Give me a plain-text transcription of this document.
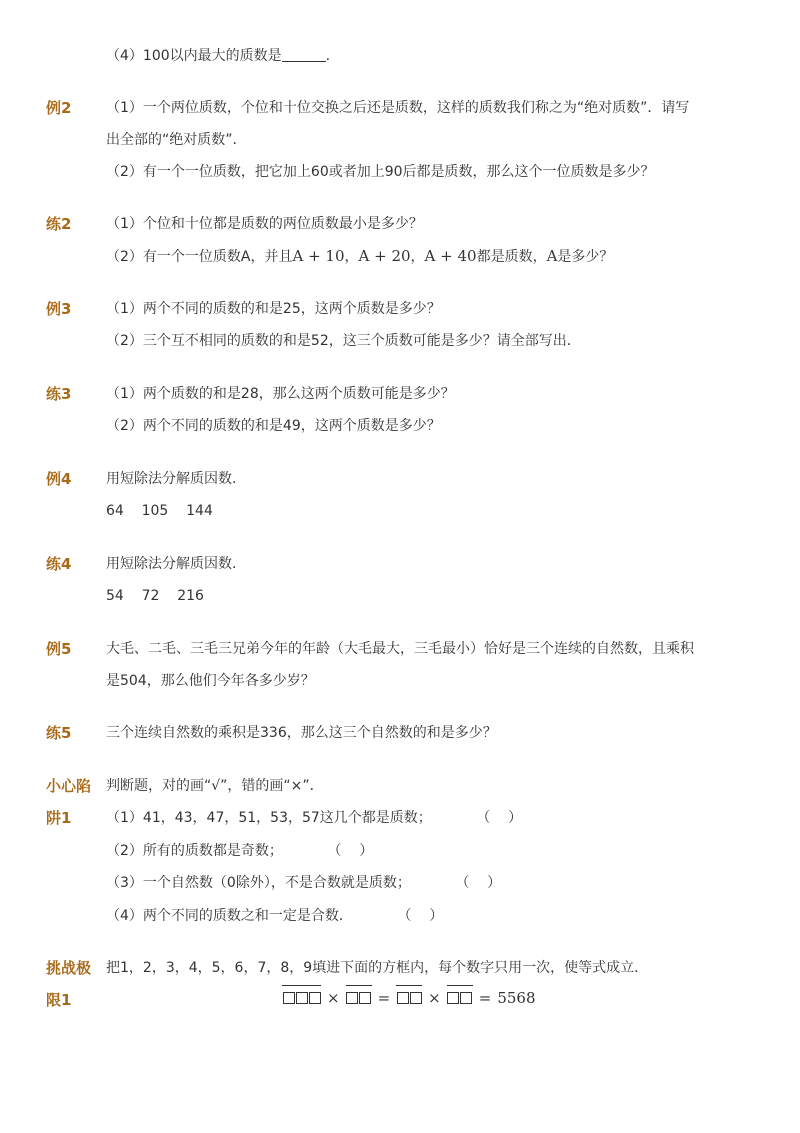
（4）100以内最大的质数是	.
例2 （1）一个两位质数，个位和十位交换之后还是质数，这样的质数我们称之为“绝对质数”．请写
出全部的“绝对质数”．
（2）有一个一位质数，把它加上60或者加上90后都是质数，那么这个一位质数是多少？
练2 （1）个位和十位都是质数的两位质数最小是多少？
（2）有一个一位质数A，并且A + 10，A + 20，A + 40都是质数，A是多少？
例3 （1）两个不同的质数的和是25，这两个质数是多少？
（2）三个互不相同的质数的和是52，这三个质数可能是多少？请全部写出．
练3 （1）两个质数的和是28，那么这两个质数可能是多少？
（2）两个不同的质数的和是49，这两个质数是多少？
例4 用短除法分解质因数．
64    105    144
练4 用短除法分解质因数．
54    72    216
例5 大毛、二毛、三毛三兄弟今年的年龄（大毛最大，三毛最小）恰好是三个连续的自然数，且乘积
是504，那么他们今年各多少岁？
练5 三个连续自然数的乘积是336，那么这三个自然数的和是多少？
小心陷
阱1
判断题，对的画“√”，错的画“×”．
（1）41，43，47，51，53，57这几个都是质数；          （    ）
（2）所有的质数都是奇数；          （    ）
（3）一个自然数（0除外），不是合数就是质数；          （    ）
（4）两个不同的质数之和一定是合数．          （    ）
挑战极
限1
把1，2，3，4，5，6，7，8，9填进下面的方框内，每个数字只用一次，使等式成立．
×	=	×	= 5568
